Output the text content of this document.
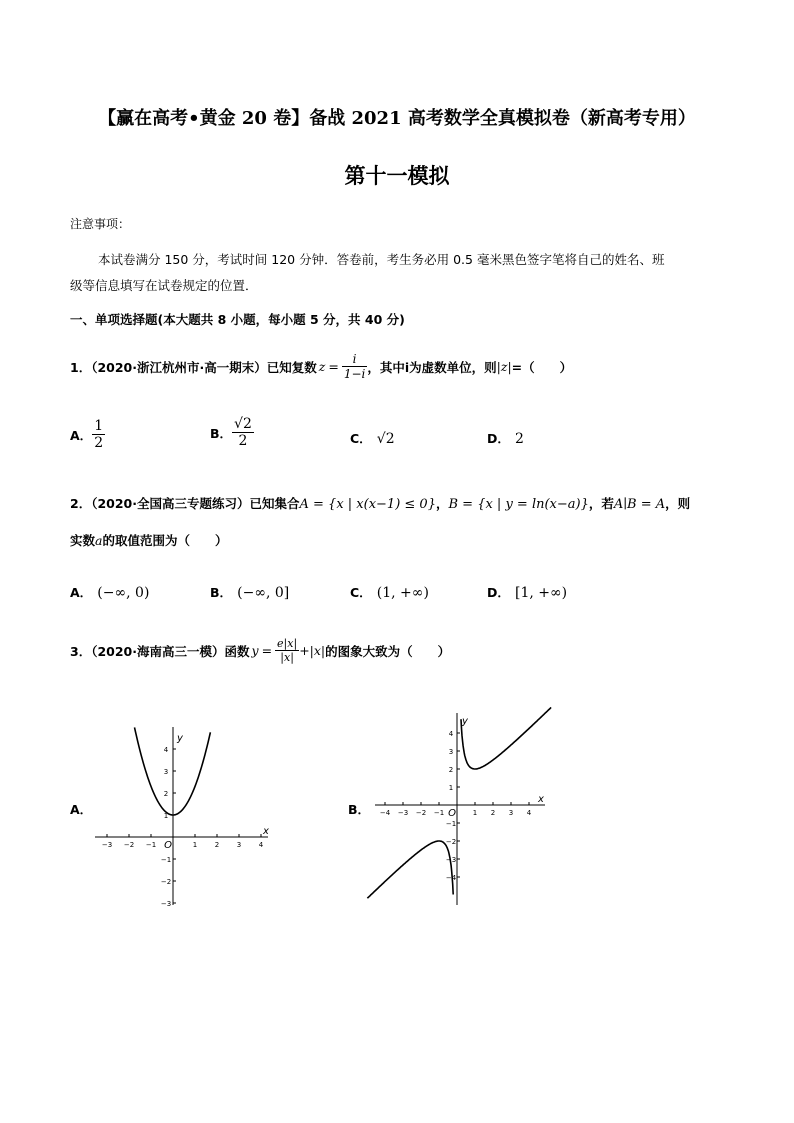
【赢在高考•黄金 20 卷】备战 2021 高考数学全真模拟卷（新高考专用）
第十一模拟
注意事项：
本试卷满分 150 分，考试时间 120 分钟．答卷前，考生务必用 0.5 毫米黑色签字笔将自己的姓名、班
级等信息填写在试卷规定的位置．
一、单项选择题(本大题共 8 小题，每小题 5 分，共 40 分)
1．（2020·浙江杭州市·高一期末）已知复数 $z = \frac{i}{1-i}$ ，其中i为虚数单位，则 |z| =（　　）
A． $\frac{1}{2}$	B． $\frac{√2}{2}$	C． √2	D． 2
2．（2020·全国高三专题练习）已知集合A = {x | x(x−1) ≤ 0}，B = {x | y = ln(x−a)}，若A∣B = A，则
实数a的取值范围为（　　）
A． (−∞, 0)	B． (−∞, 0]	C． (1, +∞)	D． [1, +∞)
3．（2020·海南高三一模）函数 $y = \frac{e|x|}{|x|} +|x|$ 的图象大致为（　　）
A．
−3 −2 −1	1	2	3	4
4
3
2
1
−1
−2
−3
x
y
O
B． −4 −3 −2 −1	1 2 3 4
4
3
2
1
−1
−2
−3
−4
x
y
O
